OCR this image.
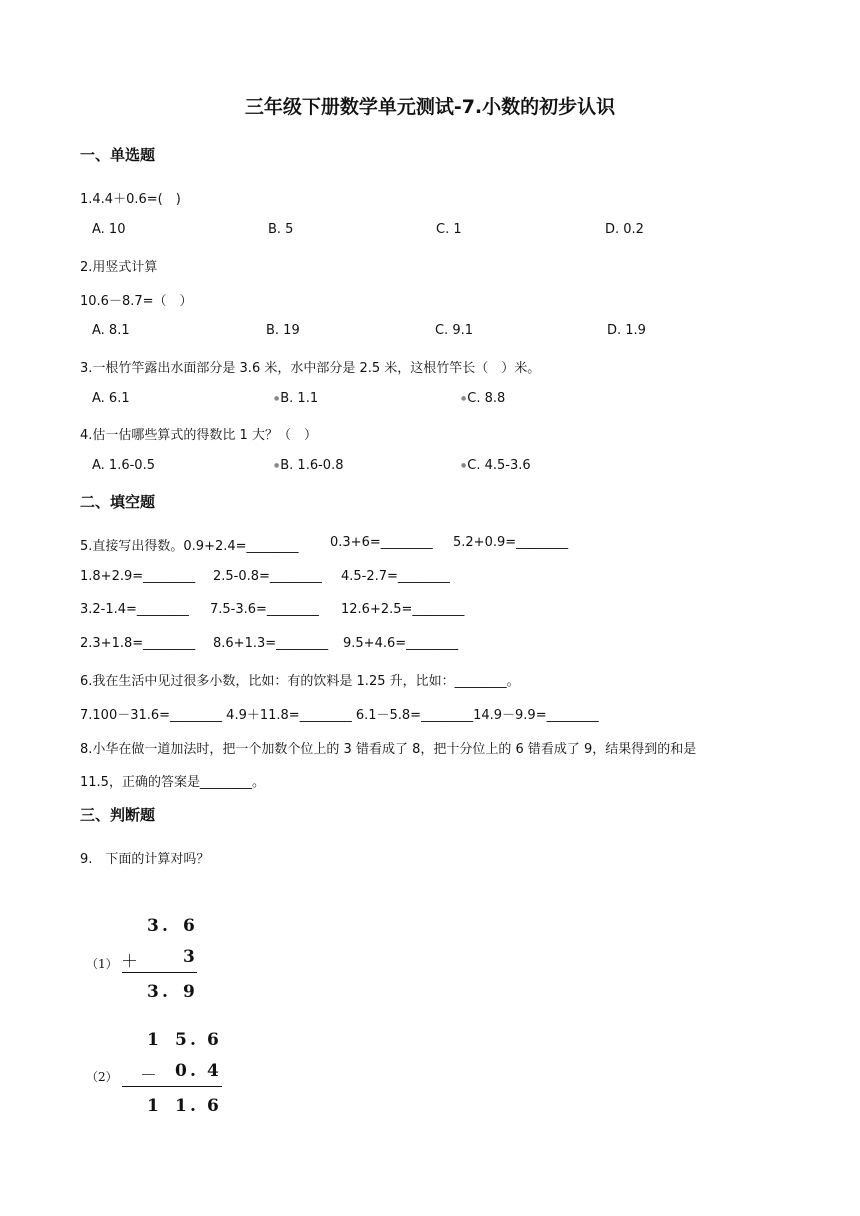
三年级下册数学单元测试-7.小数的初步认识
一、单选题
1.4.4＋0.6=(　)
A. 10	B. 5	C. 1	D. 0.2
2.用竖式计算
10.6－8.7=（　）
A. 8.1	B. 19	C. 9.1	D. 1.9
3.一根竹竿露出水面部分是 3.6 米，水中部分是 2.5 米，这根竹竿长（　）米。
A. 6.1	●B. 1.1	●C. 8.8
4.估一估哪些算式的得数比 1 大？（　）
A. 1.6-0.5	●B. 1.6-0.8	●C. 4.5-3.6
二、填空题
5.直接写出得数。0.9+2.4=________ 0.3+6=________ 5.2+0.9=________
1.8+2.9=________ 2.5-0.8=________ 4.5-2.7=________
3.2-1.4=________ 7.5-3.6=________ 12.6+2.5=________
2.3+1.8=________ 8.6+1.3=________ 9.5+4.6=________
6.我在生活中见过很多小数，比如：有的饮料是 1.25 升，比如：________。
7.100－31.6=________ 4.9＋11.8=________ 6.1－5.8=________14.9－9.9=________
8.小华在做一道加法时，把一个加数个位上的 3 错看成了 8，把十分位上的 6 错看成了 9，结果得到的和是
11.5，正确的答案是________。
三、判断题
9.　下面的计算对吗？
（1）
3 . 6
＋	3
3 . 9
（2）
1 5 . 6
－ 0 . 4
1 1 . 6
